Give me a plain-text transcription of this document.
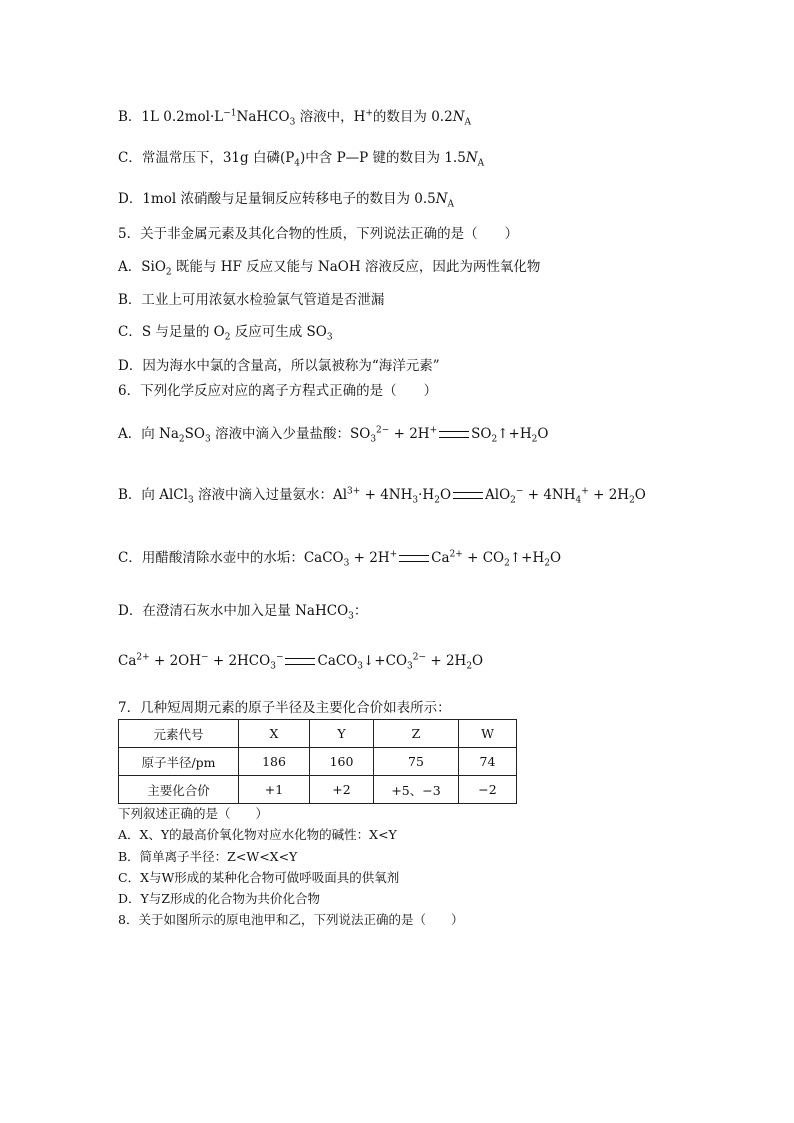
B．1L $0.2mol\cdot L^{-1}NaHCO_3$ 溶液中，H+的数目为 $0.2N_A$
C．常温常压下，31g 白磷$(P_4)$中含 P—P 键的数目为 $1.5N_A$
D．1mol 浓硝酸与足量铜反应转移电子的数目为 $0.5N_A$
5．关于非金属元素及其化合物的性质，下列说法正确的是（　　）
A．SiO$_2$ 既能与 HF 反应又能与 NaOH 溶液反应，因此为两性氧化物
B．工业上可用浓氨水检验氯气管道是否泄漏
C．S 与足量的 $O_2$ 反应可生成 $SO_3$
D．因为海水中氯的含量高，所以氯被称为“海洋元素”
6．下列化学反应对应的离子方程式正确的是（　　）
A．向 $Na_2SO_3$ 溶液中滴入少量盐酸：$SO_3^{2-} + 2H^+$	$SO_2↑+H_2O$
B．向 AlCl$_3$ 溶液中滴入过量氨水：$Al^{3+} + 4NH_3\cdot H_2O$	$AlO_2^- + 4NH_4^+ + 2H_2O$
C．用醋酸清除水壶中的水垢：CaCO$_3$ + 2H+	$Ca^{2+}$ + $CO_2↑+H_2O$
D．在澄清石灰水中加入足量 NaHCO$_3$：
$Ca^{2+} + 2OH^- + 2HCO_3^-$	$CaCO_3↓+CO_3^{2-} + 2H_2O$
7．几种短周期元素的原子半径及主要化合价如表所示：
元素代号	X	Y	Z	W
原子半径/pm	186	160	75	74
主要化合价	+1	+2	+5、−3	−2
下列叙述正确的是（　　）
A．X、Y的最高价氧化物对应水化物的碱性：X<Y
B．简单离子半径：Z<W<X<Y
C．X与W形成的某种化合物可做呼吸面具的供氧剂
D．Y与Z形成的化合物为共价化合物
8．关于如图所示的原电池甲和乙，下列说法正确的是（　　）
